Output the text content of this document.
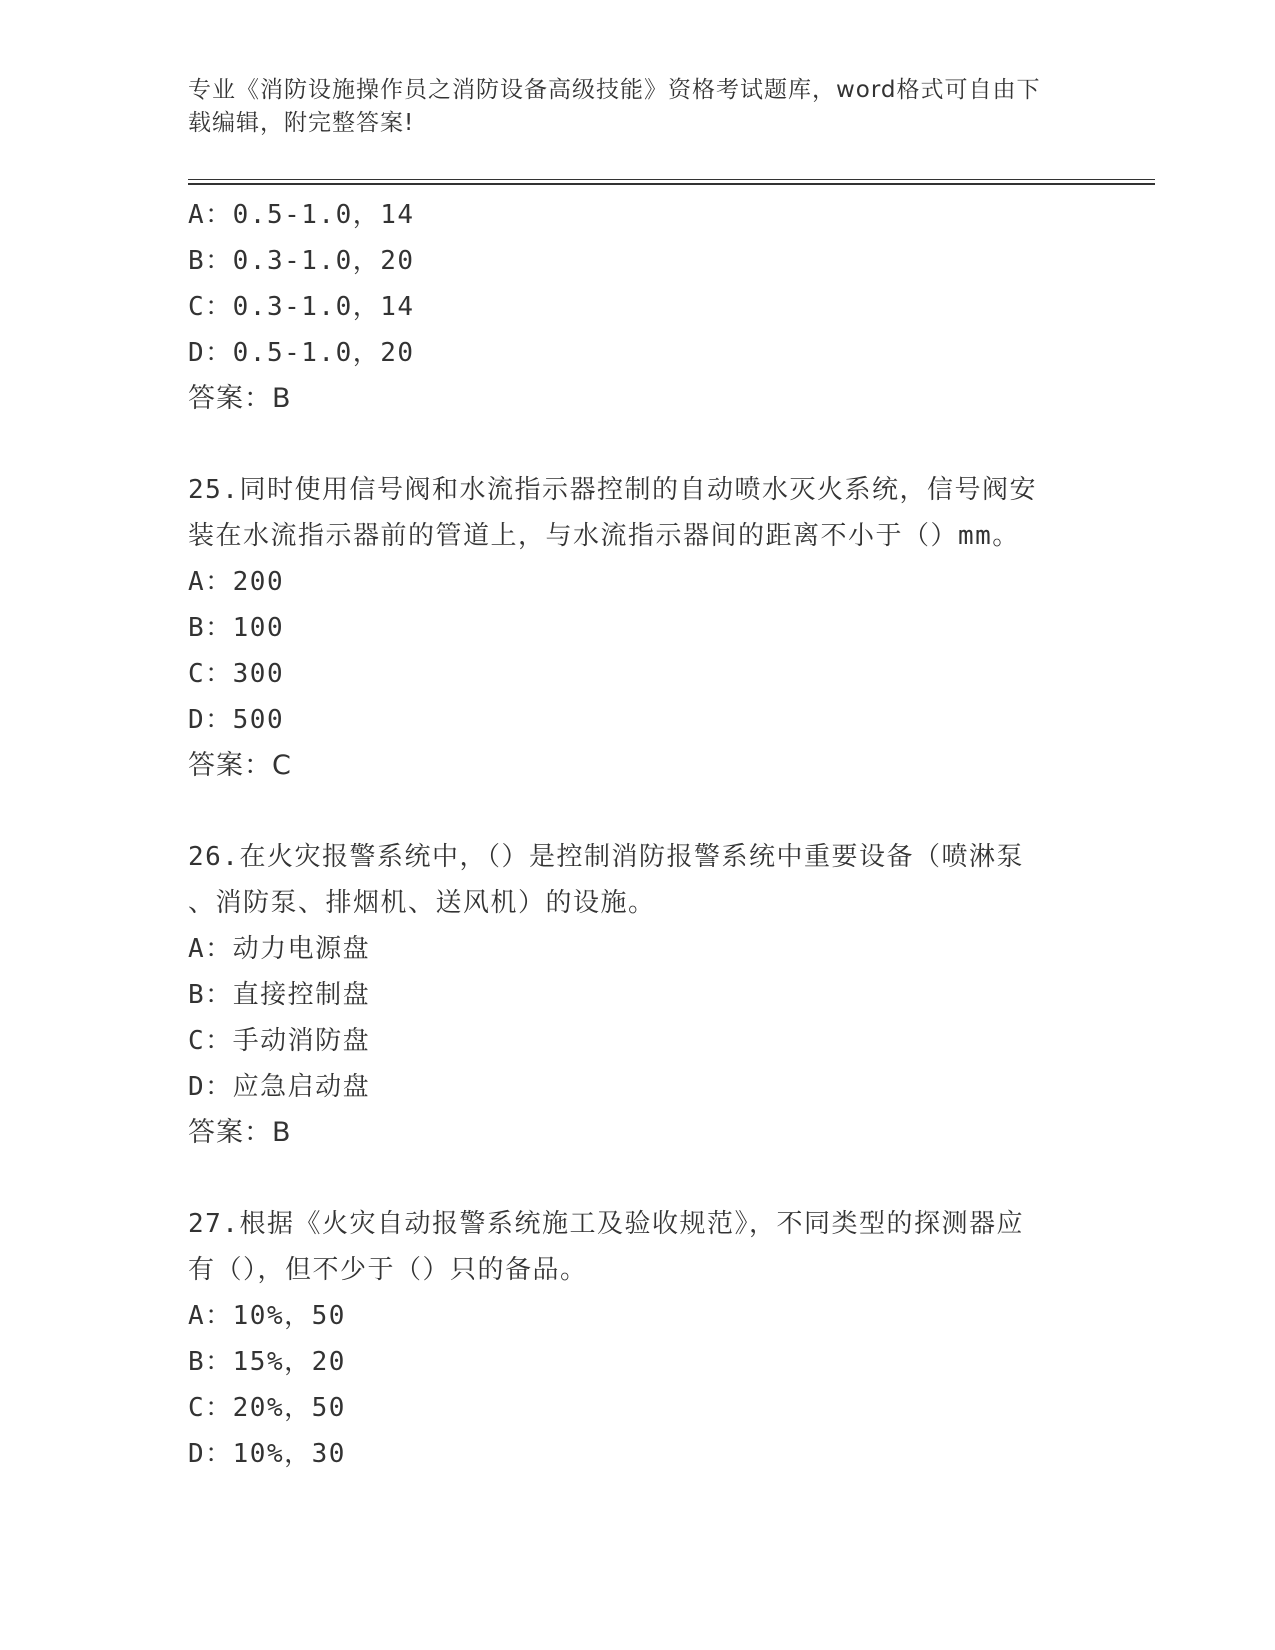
专业《消防设施操作员之消防设备高级技能》资格考试题库，word格式可自由下
载编辑，附完整答案!
A：0.5-1.0，14
B：0.3-1.0，20
C：0.3-1.0，14
D：0.5-1.0，20
答案：B
25.同时使用信号阀和水流指示器控制的自动喷水灭火系统，信号阀安
装在水流指示器前的管道上，与水流指示器间的距离不小于（）mm。
A：200
B：100
C：300
D：500
答案：C
26.在火灾报警系统中，（）是控制消防报警系统中重要设备（喷淋泵
、消防泵、排烟机、送风机）的设施。
A：动力电源盘
B：直接控制盘
C：手动消防盘
D：应急启动盘
答案：B
27.根据《火灾自动报警系统施工及验收规范》，不同类型的探测器应
有（），但不少于（）只的备品。
A：10%，50
B：15%，20
C：20%，50
D：10%，30
